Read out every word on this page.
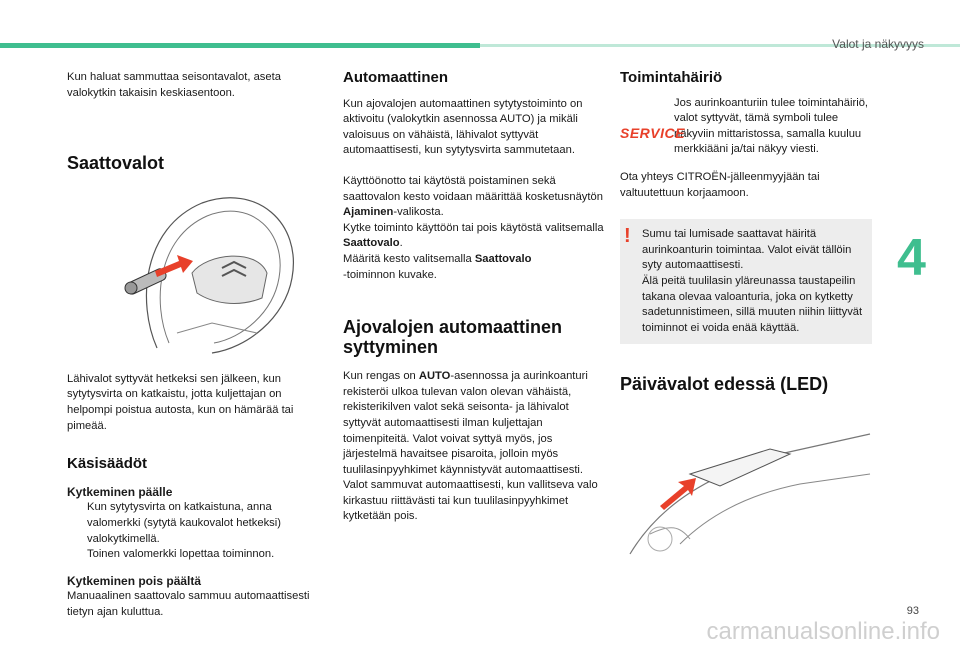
Valot ja näkyvyys

Kun haluat sammuttaa seisontavalot, aseta valokytkin takaisin keskiasentoon.

Saattovalot

Lähivalot syttyvät hetkeksi sen jälkeen, kun sytytysvirta on katkaistu, jotta kuljettajan on helpompi poistua autosta, kun on hämärää tai pimeää.

Käsisäädöt
Kytkeminen päälle
Kun sytytysvirta on katkaistuna, anna valomerkki (sytytä kaukovalot hetkeksi) valokytkimellä.
Toinen valomerkki lopettaa toiminnon.
Kytkeminen pois päältä

Manuaalinen saattovalo sammuu automaattisesti tietyn ajan kuluttua.

Automaattinen

Kun ajovalojen automaattinen sytytystoiminto on aktivoitu (valokytkin asennossa AUTO) ja mikäli valoisuus on vähäistä, lähivalot syttyvät automaattisesti, kun sytytysvirta sammutetaan.

Käyttöönotto tai käytöstä poistaminen sekä saattovalon kesto voidaan määrittää kosketusnäytön Ajaminen-valikosta.
Kytke toiminto käyttöön tai pois käytöstä valitsemalla Saattovalo.
Määritä kesto valitsemalla Saattovalo
-toiminnon kuvake.

Ajovalojen automaattinen syttyminen

Kun rengas on AUTO-asennossa ja aurinkoanturi rekisteröi ulkoa tulevan valon olevan vähäistä, rekisterikilven valot sekä seisonta- ja lähivalot syttyvät automaattisesti ilman kuljettajan toimenpiteitä. Valot voivat syttyä myös, jos järjestelmä havaitsee pisaroita, jolloin myös tuulilasinpyyhkimet käynnistyvät automaattisesti.

Valot sammuvat automaattisesti, kun vallitseva valo kirkastuu riittävästi tai kun tuulilasinpyyhkimet kytketään pois.

Toimintahäiriö
SERVICE

Jos aurinkoanturiin tulee toimintahäiriö, valot syttyvät, tämä symboli tulee näkyviin mittaristossa, samalla kuuluu merkkiääni ja/tai näkyy viesti.

Ota yhteys CITROËN-jälleenmyyjään tai valtuutettuun korjaamoon.

! Sumu tai lumisade saattavat häiritä aurinkoanturin toimintaa. Valot eivät tällöin syty automaattisesti.

Älä peitä tuulilasin yläreunassa taustapeilin takana olevaa valoanturia, joka on kytketty sadetunnistimeen, sillä muuten niihin liittyvät toiminnot ei voida enää käyttää.

Päivävalot edessä (LED)
4
93
carmanualsonline.info
